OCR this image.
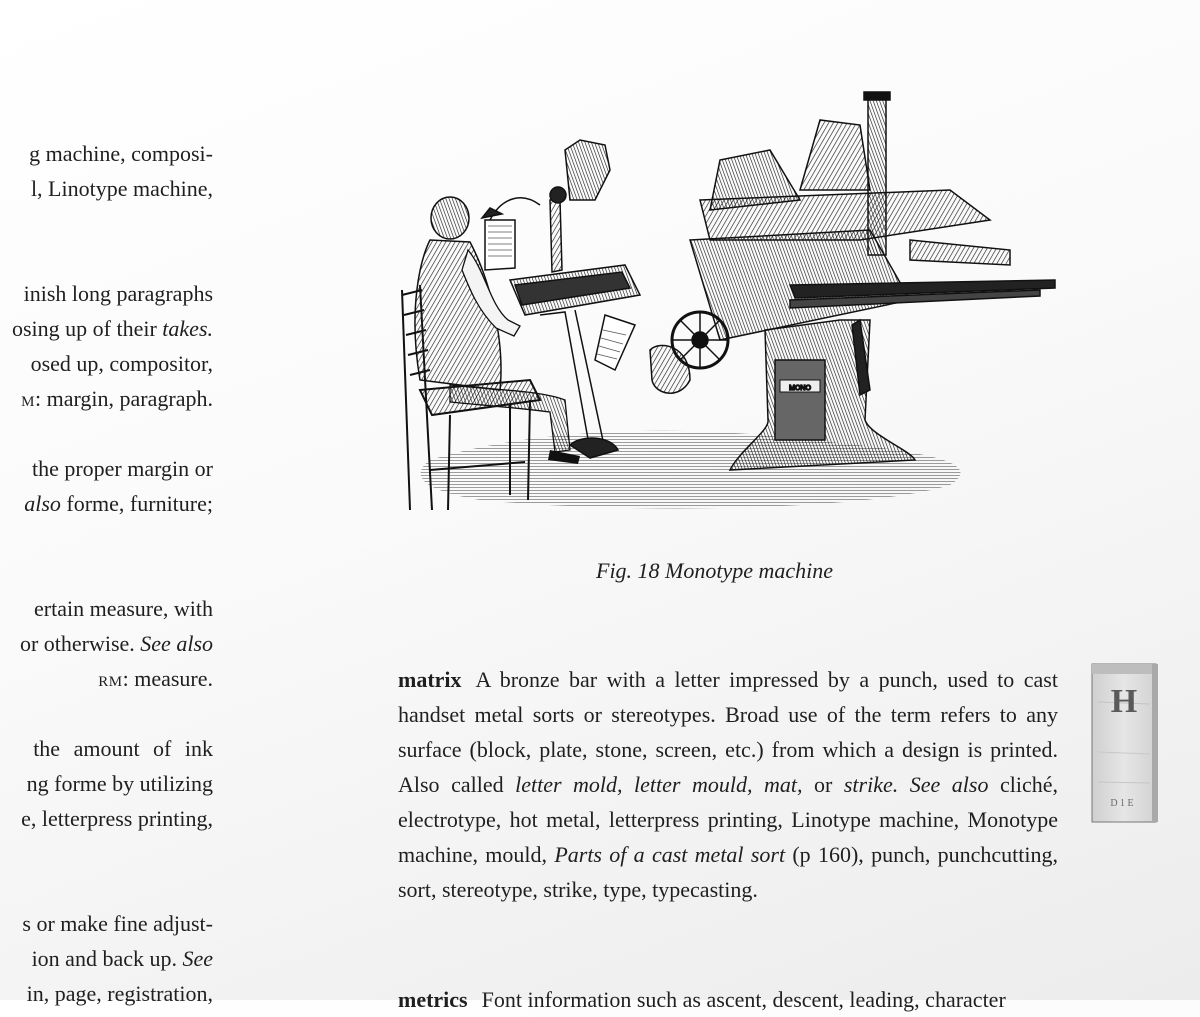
g machine, composi-
l, Linotype machine,
inish long paragraphs
osing up of their takes.
osed up, compositor,
m: margin, paragraph.
the proper margin or
also forme, furniture;
ertain measure, with
or otherwise. See also
rm: measure.
the amount of ink
ng forme by utilizing
e, letterpress printing,
s or make fine adjust-
ion and back up. See
in, page, registration,
MONO
Fig. 18 Monotype machine
matrix A bronze bar with a letter impressed by a punch, used to cast handset metal sorts or stereotypes. Broad use of the term refers to any surface (block, plate, stone, screen, etc.) from which a design is printed. Also called letter mold, letter mould, mat, or strike. See also cliché, electrotype, hot metal, letterpress printing, Linotype machine, Monotype machine, mould, Parts of a cast metal sort (p 160), punch, punchcutting, sort, stereotype, strike, type, typecasting.
metrics Font information such as ascent, descent, leading, character
H
D 1 E
